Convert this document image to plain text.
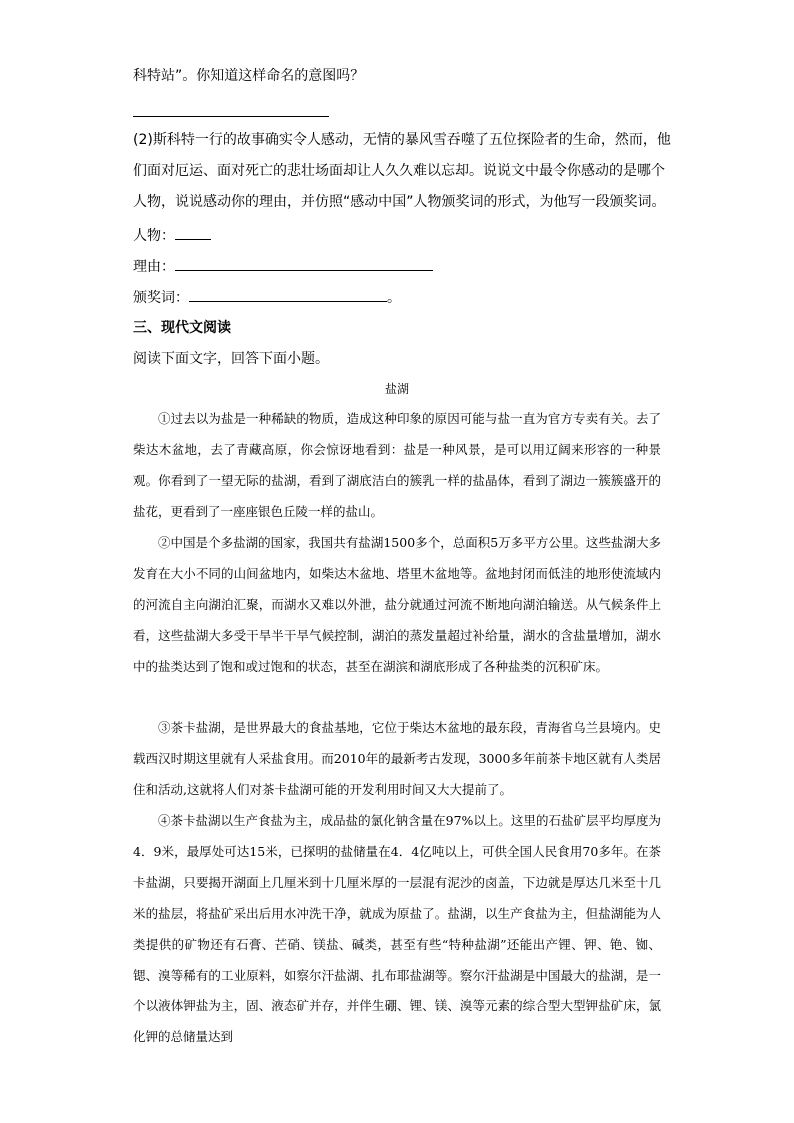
科特站”。你知道这样命名的意图吗？
(2)斯科特一行的故事确实令人感动，无情的暴风雪吞噬了五位探险者的生命，然而，他
们面对厄运、面对死亡的悲壮场面却让人久久难以忘却。说说文中最令你感动的是哪个
人物，说说感动你的理由，并仿照“感动中国”人物颁奖词的形式，为他写一段颁奖词。
人物：
理由：
颁奖词：	。
三、现代文阅读
阅读下面文字，回答下面小题。
盐湖
①过去以为盐是一种稀缺的物质，造成这种印象的原因可能与盐一直为官方专卖有关。去了柴达木盆地，去了青藏高原，你会惊讶地看到：盐是一种风景，是可以用辽阔来形容的一种景观。你看到了一望无际的盐湖，看到了湖底洁白的簇乳一样的盐晶体，看到了湖边一簇簇盛开的盐花，更看到了一座座银色丘陵一样的盐山。
②中国是个多盐湖的国家，我国共有盐湖1500多个，总面积5万多平方公里。这些盐湖大多发育在大小不同的山间盆地内，如柴达木盆地、塔里木盆地等。盆地封闭而低洼的地形使流域内的河流自主向湖泊汇聚，而湖水又难以外泄，盐分就通过河流不断地向湖泊输送。从气候条件上看，这些盐湖大多受干旱半干旱气候控制，湖泊的蒸发量超过补给量，湖水的含盐量增加，湖水中的盐类达到了饱和或过饱和的状态，甚至在湖滨和湖底形成了各种盐类的沉积矿床。
③茶卡盐湖，是世界最大的食盐基地，它位于柴达木盆地的最东段，青海省乌兰县境内。史载西汉时期这里就有人采盐食用。而2010年的最新考古发现，3000多年前茶卡地区就有人类居住和活动,这就将人们对茶卡盐湖可能的开发利用时间又大大提前了。
④茶卡盐湖以生产食盐为主，成品盐的氯化钠含量在97%以上。这里的石盐矿层平均厚度为4．9米，最厚处可达15米，已探明的盐储量在4．4亿吨以上，可供全国人民食用70多年。在茶卡盐湖，只要揭开湖面上几厘米到十几厘米厚的一层混有泥沙的卤盖，下边就是厚达几米至十几米的盐层，将盐矿采出后用水冲洗干净，就成为原盐了。盐湖，以生产食盐为主，但盐湖能为人类提供的矿物还有石膏、芒硝、镁盐、碱类，甚至有些“特种盐湖”还能出产锂、钾、铯、铷、锶、溴等稀有的工业原料，如察尔汗盐湖、扎布耶盐湖等。察尔汗盐湖是中国最大的盐湖，是一个以液体钾盐为主，固、液态矿并存，并伴生硼、锂、镁、溴等元素的综合型大型钾盐矿床，氯化钾的总储量达到
